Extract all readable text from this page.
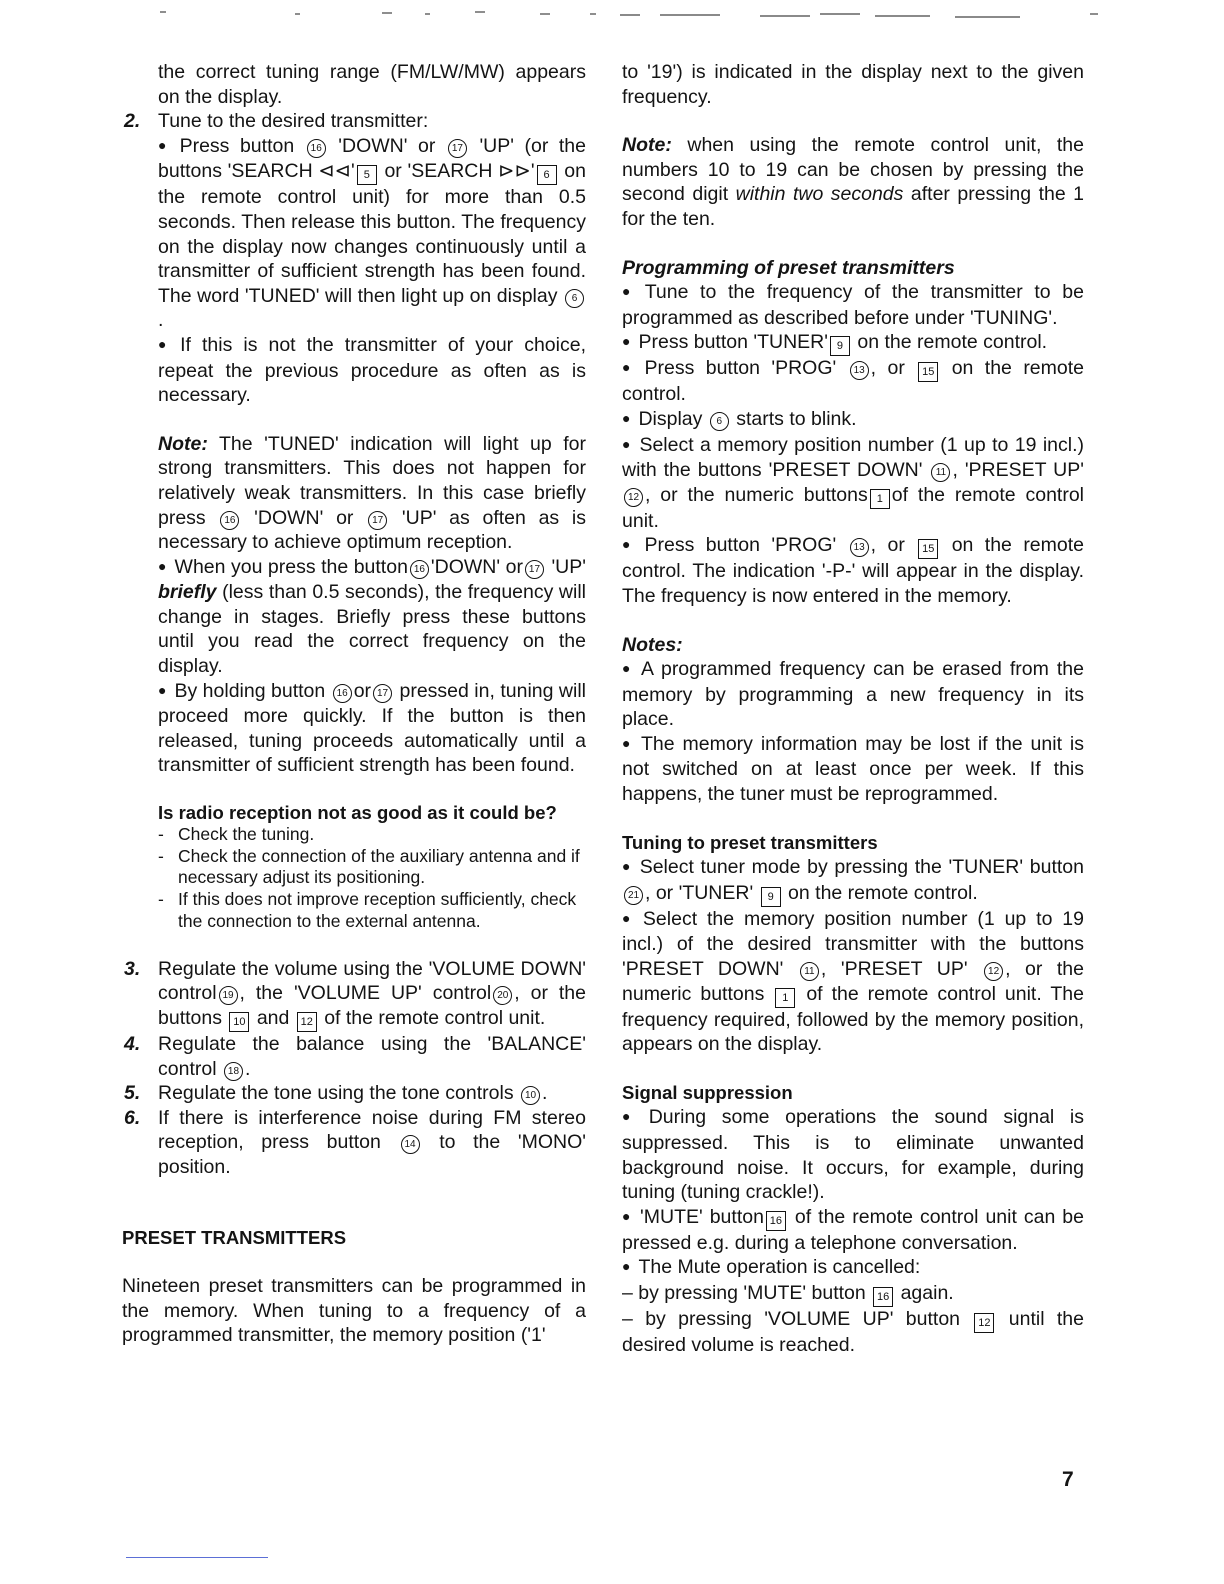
the correct tuning range (FM/LW/MW) appears on the display.

2. Tune to the desired transmitter:

● Press button 16 'DOWN' or 17 'UP' (or the buttons 'SEARCH ⊲⊲' 5 or 'SEARCH ⊳⊳' 6 on the remote control unit) for more than 0.5 seconds. Then release this button. The frequency on the display now changes continuously until a transmitter of sufficient strength has been found. The word 'TUNED' will then light up on display 6.

● If this is not the transmitter of your choice, repeat the previous procedure as often as is necessary.

Note: The 'TUNED' indication will light up for strong transmitters. This does not happen for relatively weak transmitters. In this case briefly press 16 'DOWN' or 17 'UP' as often as is necessary to achieve optimum reception.

● When you press the button 16 'DOWN' or 17 'UP' briefly (less than 0.5 seconds), the frequency will change in stages. Briefly press these buttons until you read the correct frequency on the display.

● By holding button 16 or 17 pressed in, tuning will proceed more quickly. If the button is then released, tuning proceeds automatically until a transmitter of sufficient strength has been found.

Is radio reception not as good as it could be?

- Check the tuning.
- Check the connection of the auxiliary antenna and if necessary adjust its positioning.
- If this does not improve reception sufficiently, check the connection to the external antenna.
3. Regulate the volume using the 'VOLUME DOWN' control 19 , the 'VOLUME UP' control 20 , or the buttons 10 and 12 of the remote control unit.

4. Regulate the balance using the 'BALANCE' control 18 .

5. Regulate the tone using the tone controls 10 .

6. If there is interference noise during FM stereo reception, press button 14 to the 'MONO' position.

PRESET TRANSMITTERS

Nineteen preset transmitters can be programmed in the memory. When tuning to a frequency of a programmed transmitter, the memory position ('1'

to '19') is indicated in the display next to the given frequency.

Note: when using the remote control unit, the numbers 10 to 19 can be chosen by pressing the second digit within two seconds after pressing the 1 for the ten.

Programming of preset transmitters

● Tune to the frequency of the transmitter to be programmed as described before under 'TUNING'.

● Press button 'TUNER' 9 on the remote control.

● Press button 'PROG' 13 , or 15 on the remote control.

● Display 6 starts to blink.

● Select a memory position number (1 up to 19 incl.) with the buttons 'PRESET DOWN' 11 , 'PRESET UP'12 , or the numeric buttons 1 of the remote control unit.

● Press button 'PROG' 13 , or 15 on the remote control. The indication '-P-' will appear in the display. The frequency is now entered in the memory.

Notes:

● A programmed frequency can be erased from the memory by programming a new frequency in its place.

● The memory information may be lost if the unit is not switched on at least once per week. If this happens, the tuner must be reprogrammed.

Tuning to preset transmitters

● Select tuner mode by pressing the 'TUNER' button 21 , or 'TUNER' 9 on the remote control.

● Select the memory position number (1 up to 19 incl.) of the desired transmitter with the buttons 'PRESET DOWN' 11 , 'PRESET UP' 12 , or the numeric buttons 1 of the remote control unit. The frequency required, followed by the memory position, appears on the display.

Signal suppression

● During some operations the sound signal is suppressed. This is to eliminate unwanted background noise. It occurs, for example, during tuning (tuning crackle!).

● 'MUTE' button 16 of the remote control unit can be pressed e.g. during a telephone conversation.

● The Mute operation is cancelled:

– by pressing 'MUTE' button 16 again.

– by pressing 'VOLUME UP' button 12 until the desired volume is reached.

7
